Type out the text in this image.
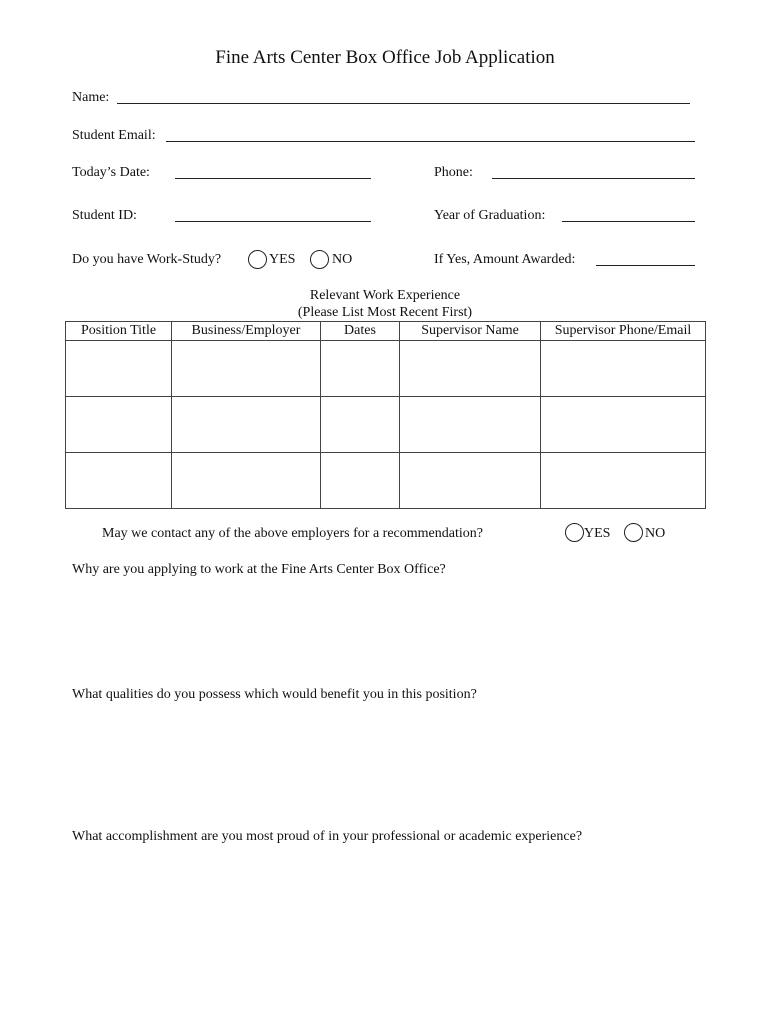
Fine Arts Center Box Office Job Application
Name:
Student Email:
Today’s Date:	Phone:
Student ID:	Year of Graduation:
Do you have Work-Study?	YES	NO	If Yes, Amount Awarded:
Relevant Work Experience
(Please List Most Recent First)
Position Title	Business/Employer	Dates	Supervisor Name	Supervisor Phone/Email

May we contact any of the above employers for a recommendation?	YES NO
Why are you applying to work at the Fine Arts Center Box Office?
What qualities do you possess which would benefit you in this position?
What accomplishment are you most proud of in your professional or academic experience?
